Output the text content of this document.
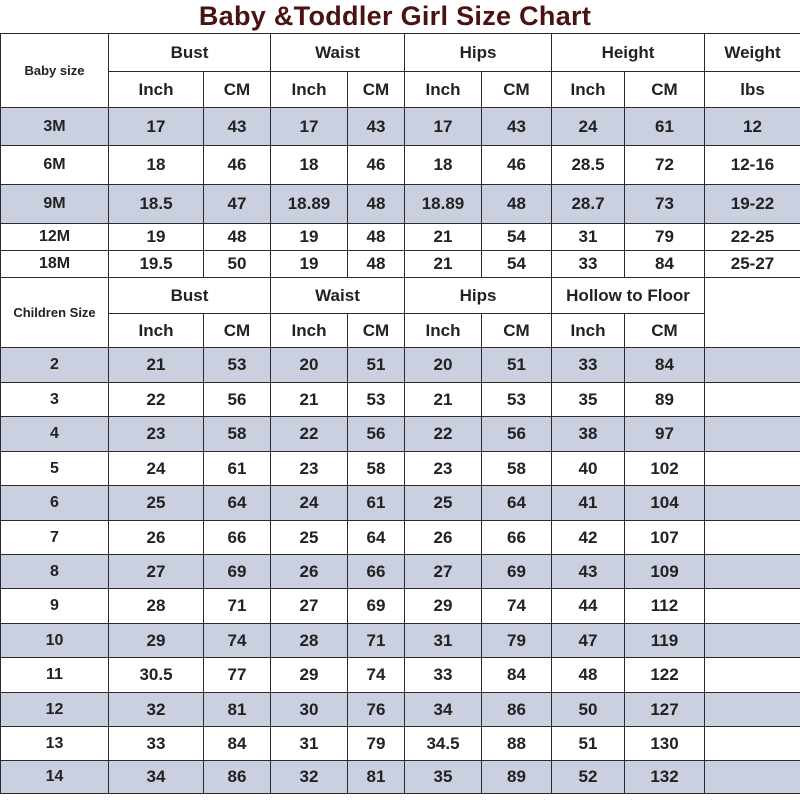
Baby &Toddler Girl Size Chart
Baby size	Bust		Waist		Hips		Height		Weight
	Inch	CM	Inch	CM	Inch	CM	Inch	CM	lbs
3M	17	43	17	43	17	43	24	61	12
6M	18	46	18	46	18	46	28.5	72	12-16
9M	18.5	47	18.89	48	18.89	48	28.7	73	19-22
12M	19	48	19	48	21	54	31	79	22-25
18M	19.5	50	19	48	21	54	33	84	25-27
Children Size	Bust		Waist		Hips		Hollow to Floor		
	Inch	CM	Inch	CM	Inch	CM	Inch	CM	
2	21	53	20	51	20	51	33	84	
3	22	56	21	53	21	53	35	89	
4	23	58	22	56	22	56	38	97	
5	24	61	23	58	23	58	40	102	
6	25	64	24	61	25	64	41	104	
7	26	66	25	64	26	66	42	107	
8	27	69	26	66	27	69	43	109	
9	28	71	27	69	29	74	44	112	
10	29	74	28	71	31	79	47	119	
11	30.5	77	29	74	33	84	48	122	
12	32	81	30	76	34	86	50	127	
13	33	84	31	79	34.5	88	51	130	
14	34	86	32	81	35	89	52	132	
